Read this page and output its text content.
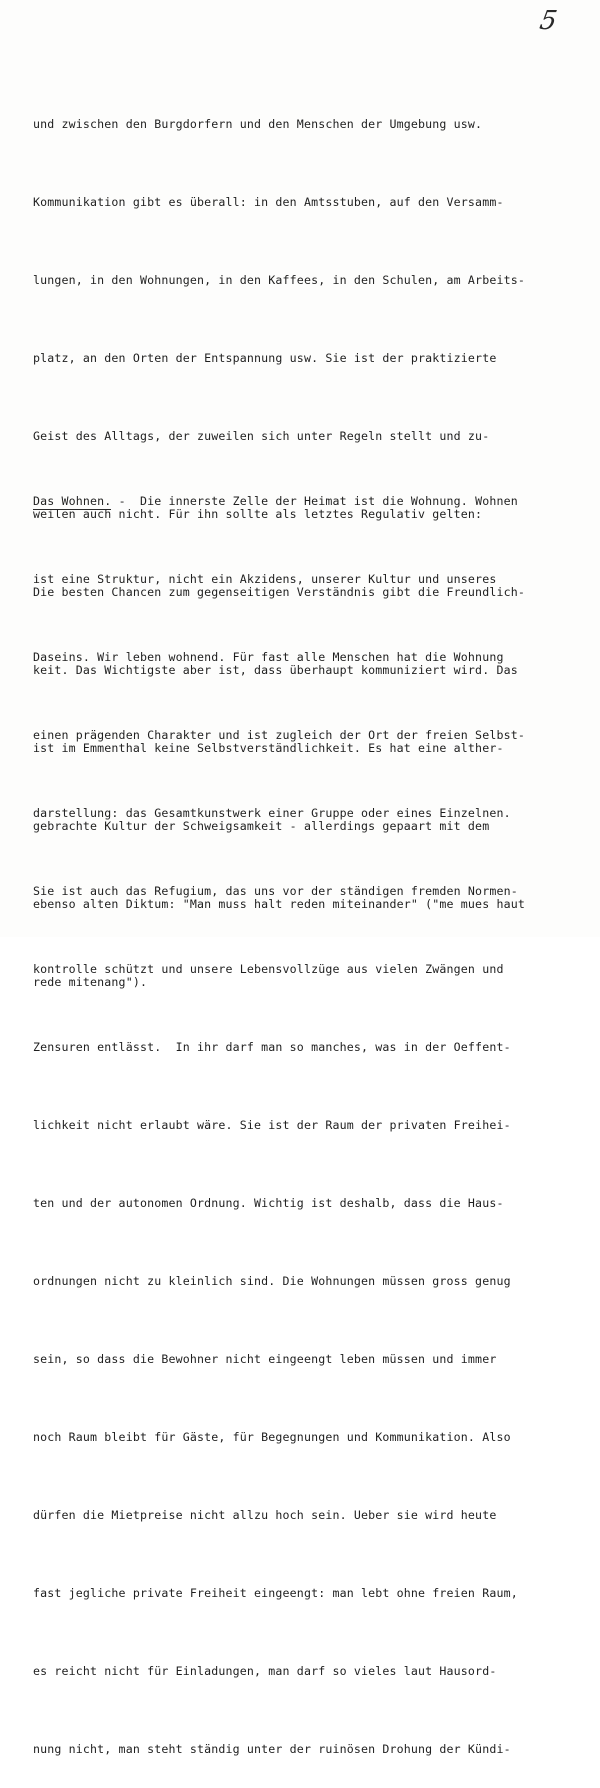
5

und zwischen den Burgdorfern und den Menschen der Umgebung usw.

Kommunikation gibt es überall: in den Amtsstuben, auf den Versamm-

lungen, in den Wohnungen, in den Kaffees, in den Schulen, am Arbeits-

platz, an den Orten der Entspannung usw. Sie ist der praktizierte

Geist des Alltags, der zuweilen sich unter Regeln stellt und zu-

weilen auch nicht. Für ihn sollte als letztes Regulativ gelten:

Die besten Chancen zum gegenseitigen Verständnis gibt die Freundlich-

keit. Das Wichtigste aber ist, dass überhaupt kommuniziert wird. Das

ist im Emmenthal keine Selbstverständlichkeit. Es hat eine alther-

gebrachte Kultur der Schweigsamkeit - allerdings gepaart mit dem

ebenso alten Diktum: "Man muss halt reden miteinander" ("me mues haut

rede mitenang").

Das Wohnen. -  Die innerste Zelle der Heimat ist die Wohnung. Wohnen

ist eine Struktur, nicht ein Akzidens, unserer Kultur und unseres

Daseins. Wir leben wohnend. Für fast alle Menschen hat die Wohnung

einen prägenden Charakter und ist zugleich der Ort der freien Selbst-

darstellung: das Gesamtkunstwerk einer Gruppe oder eines Einzelnen.

Sie ist auch das Refugium, das uns vor der ständigen fremden Normen-

kontrolle schützt und unsere Lebensvollzüge aus vielen Zwängen und

Zensuren entlässt.  In ihr darf man so manches, was in der Oeffent-

lichkeit nicht erlaubt wäre. Sie ist der Raum der privaten Freihei-

ten und der autonomen Ordnung. Wichtig ist deshalb, dass die Haus-

ordnungen nicht zu kleinlich sind. Die Wohnungen müssen gross genug

sein, so dass die Bewohner nicht eingeengt leben müssen und immer

noch Raum bleibt für Gäste, für Begegnungen und Kommunikation. Also

dürfen die Mietpreise nicht allzu hoch sein. Ueber sie wird heute

fast jegliche private Freiheit eingeengt: man lebt ohne freien Raum,

es reicht nicht für Einladungen, man darf so vieles laut Hausord-

nung nicht, man steht ständig unter der ruinösen Drohung der Kündi-
